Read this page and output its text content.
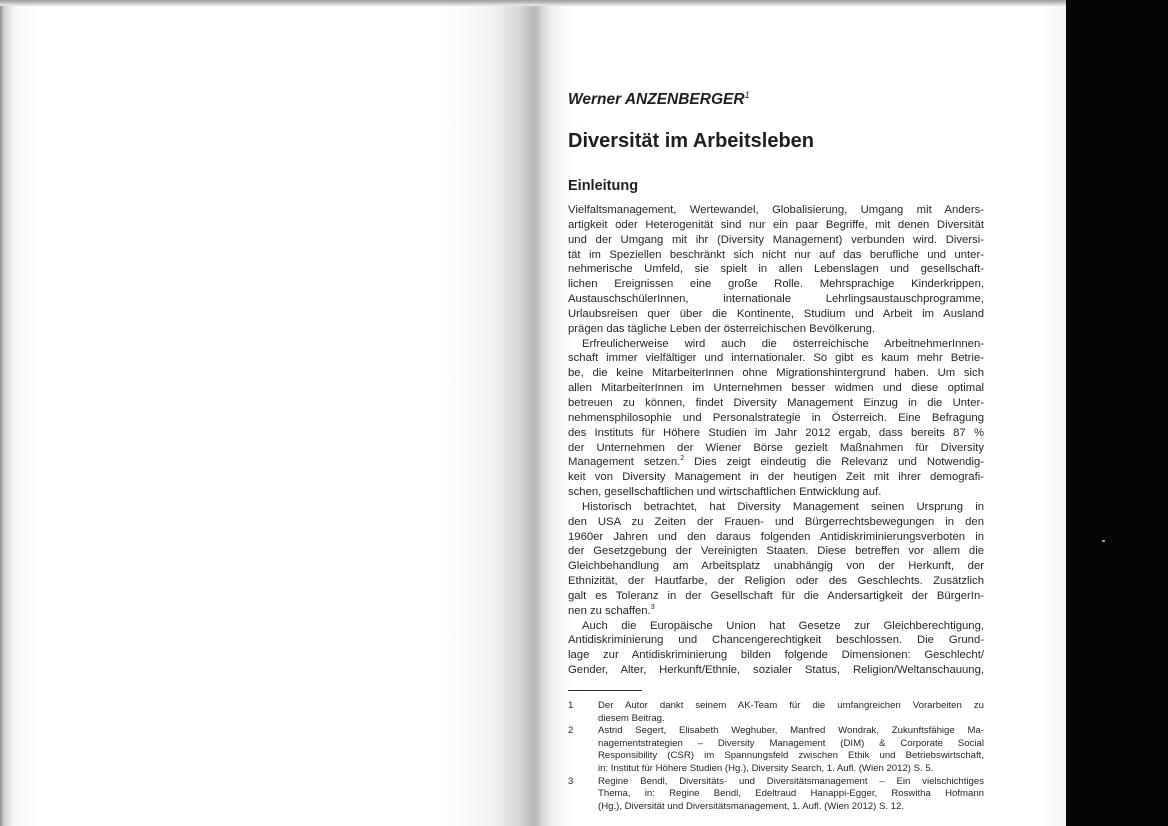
Werner ANZENBERGER$^1$
Diversität im Arbeitsleben
Einleitung
Vielfaltsmanagement, Wertewandel, Globalisierung, Umgang mit Anders-
artigkeit oder Heterogenität sind nur ein paar Begriffe, mit denen Diversität
und der Umgang mit ihr (Diversity Management) verbunden wird. Diversi-
tät im Speziellen beschränkt sich nicht nur auf das berufliche und unter-
nehmerische Umfeld, sie spielt in allen Lebenslagen und gesellschaft-
lichen Ereignissen eine große Rolle. Mehrsprachige Kinderkrippen,
AustauschschülerInnen, internationale Lehrlingsaustauschprogramme,
Urlaubsreisen quer über die Kontinente, Studium und Arbeit im Ausland
prägen das tägliche Leben der österreichischen Bevölkerung.
Erfreulicherweise wird auch die österreichische ArbeitnehmerInnen-
schaft immer vielfältiger und internationaler. So gibt es kaum mehr Betrie-
be, die keine MitarbeiterInnen ohne Migrationshintergrund haben. Um sich
allen MitarbeiterInnen im Unternehmen besser widmen und diese optimal
betreuen zu können, findet Diversity Management Einzug in die Unter-
nehmensphilosophie und Personalstrategie in Österreich. Eine Befragung
des Instituts für Höhere Studien im Jahr 2012 ergab, dass bereits 87 %
der Unternehmen der Wiener Börse gezielt Maßnahmen für Diversity
Management setzen.$^2$ Dies zeigt eindeutig die Relevanz und Notwendig-
keit von Diversity Management in der heutigen Zeit mit ihrer demografi-
schen, gesellschaftlichen und wirtschaftlichen Entwicklung auf.
Historisch betrachtet, hat Diversity Management seinen Ursprung in
den USA zu Zeiten der Frauen- und Bürgerrechtsbewegungen in den
1960er Jahren und den daraus folgenden Antidiskriminierungsverboten in
der Gesetzgebung der Vereinigten Staaten. Diese betreffen vor allem die
Gleichbehandlung am Arbeitsplatz unabhängig von der Herkunft, der
Ethnizität, der Hautfarbe, der Religion oder des Geschlechts. Zusätzlich
galt es Toleranz in der Gesellschaft für die Andersartigkeit der BürgerIn-
nen zu schaffen.$^3$
Auch die Europäische Union hat Gesetze zur Gleichberechtigung,
Antidiskriminierung und Chancengerechtigkeit beschlossen. Die Grund-
lage zur Antidiskriminierung bilden folgende Dimensionen: Geschlecht/
Gender, Alter, Herkunft/Ethnie, sozialer Status, Religion/Weltanschauung,
1	Der Autor dankt seinem AK-Team für die umfangreichen Vorarbeiten zu
diesem Beitrag.
2	Astrid Segert, Elisabeth Weghuber, Manfred Wondrak, Zukunftsfähige Ma-
nagementstrategien – Diversity Management (DIM) & Corporate Social
Responsibility (CSR) im Spannungsfeld zwischen Ethik und Betriebswirtschaft,
in: Institut für Höhere Studien (Hg.), Diversity Search, 1. Aufl. (Wien 2012) S. 5.
3	Regine Bendl, Diversitäts- und Diversitätsmanagement – Ein vielschichtiges
Thema, in: Regine Bendl, Edeltraud Hanappi-Egger, Roswitha Hofmann
(Hg.), Diversität und Diversitätsmanagement, 1. Aufl. (Wien 2012) S. 12.
